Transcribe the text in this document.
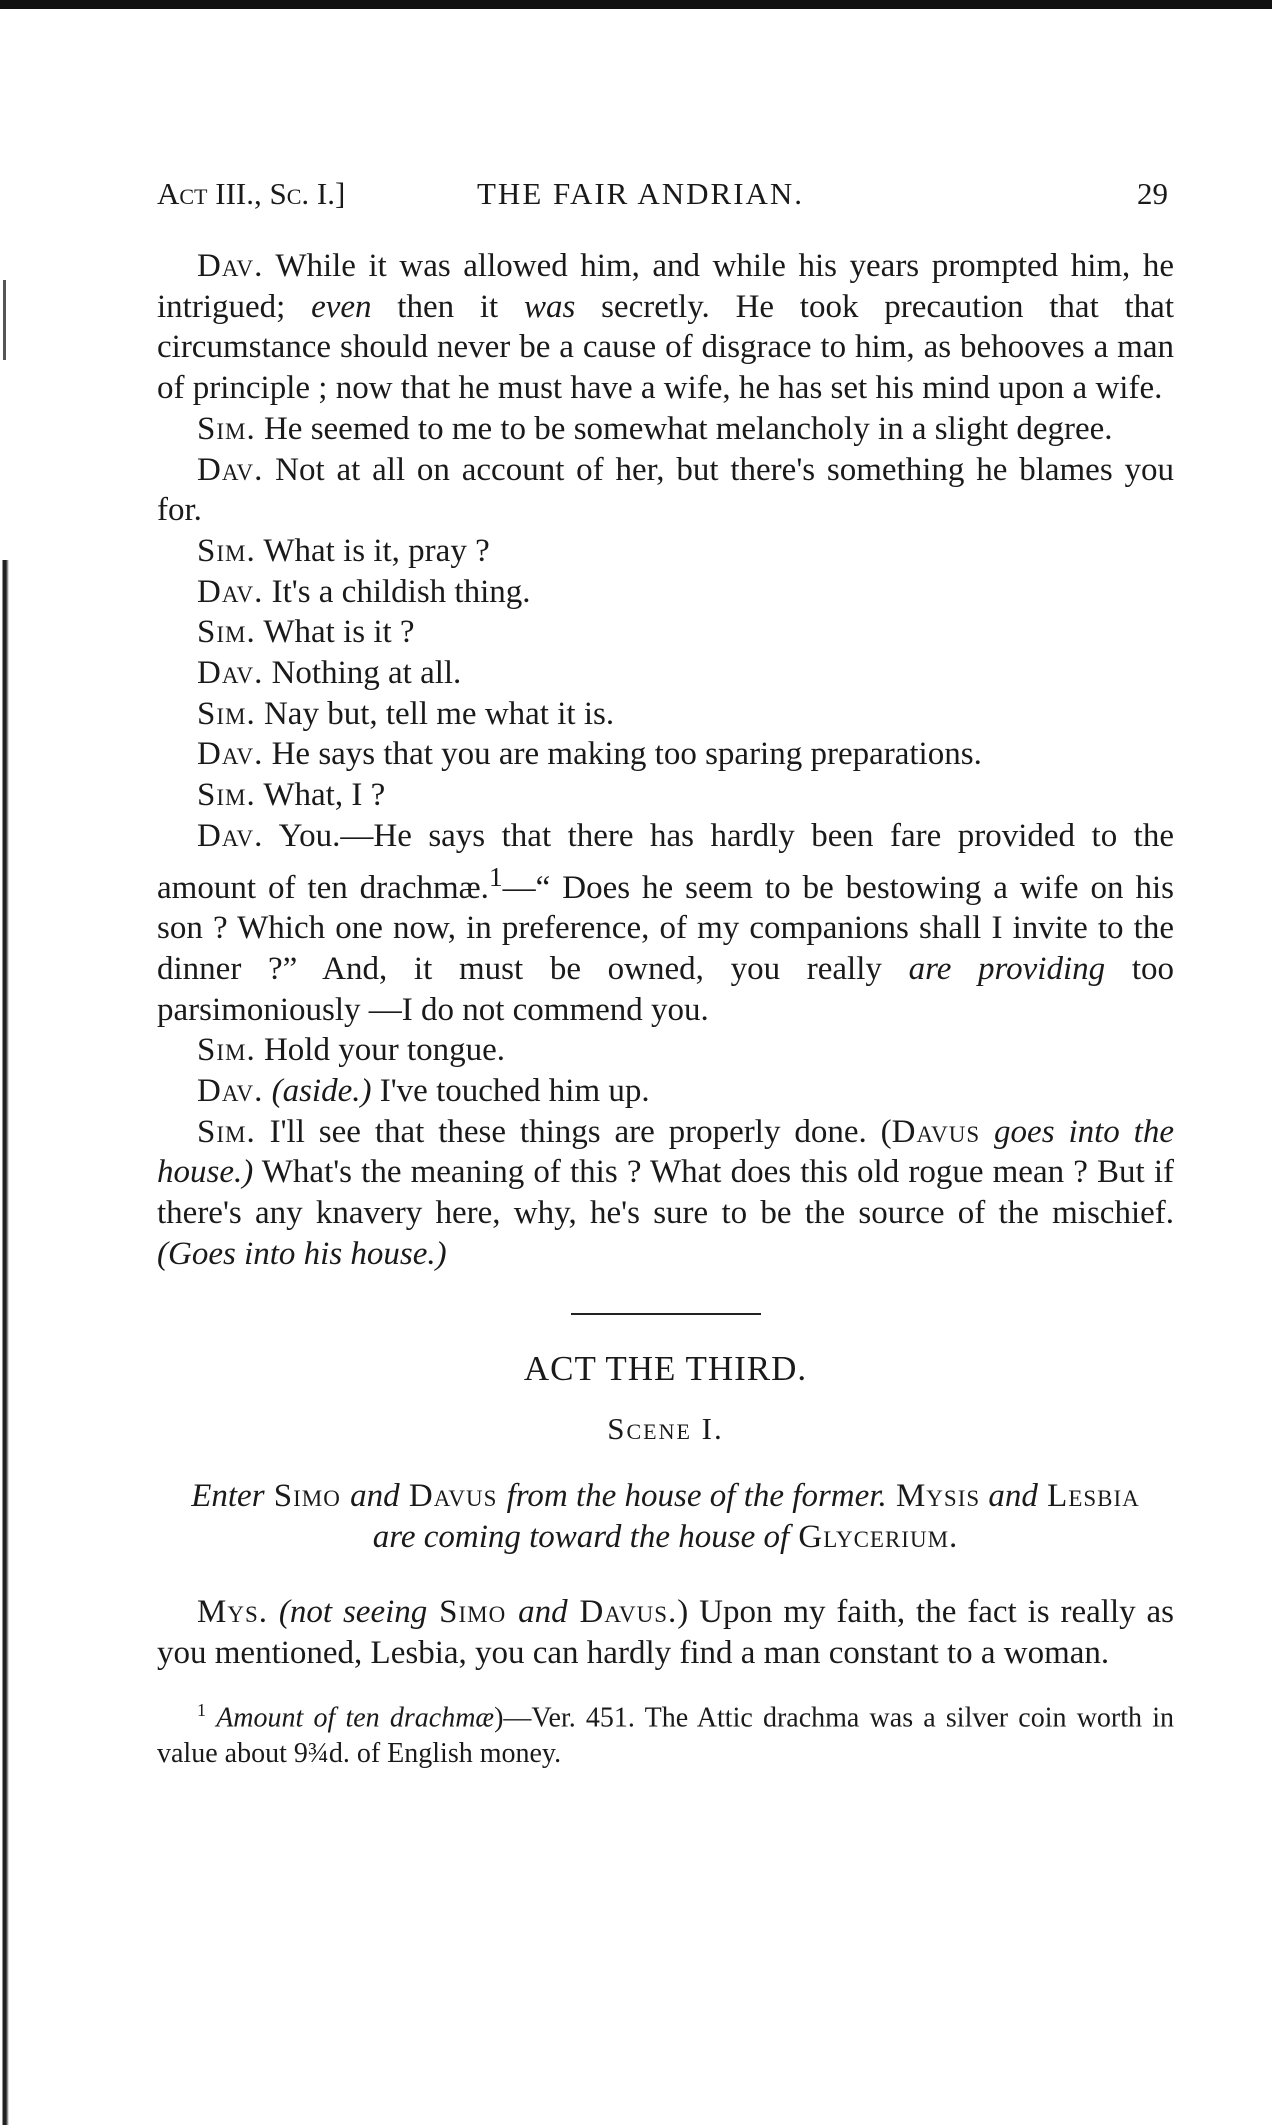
Act III., Sc. I.]	THE FAIR ANDRIAN.	29

Dav . While it was allowed him, and while his years prompted him, he intrigued; even then it was secretly. He took precaution that that circumstance should never be a cause of disgrace to him, as behooves a man of principle ; now that he must have a wife, he has set his mind upon a wife.

Sim . He seemed to me to be somewhat melancholy in a slight degree.

Dav . Not at all on account of her, but there's something he blames you for.

Sim . What is it, pray ?

Dav . It's a childish thing.

Sim . What is it ?

Dav . Nothing at all.

Sim . Nay but, tell me what it is.

Dav . He says that you are making too sparing preparations.

Sim . What, I ?

Dav . You.—He says that there has hardly been fare provided to the amount of ten drachmæ.$^1$—“ Does he seem to be bestowing a wife on his son ? Which one now, in preference, of my companions shall I invite to the dinner ?” And, it must be owned, you really are providing too parsimoniously —I do not commend you.

Sim . Hold your tongue.

Dav . (aside.) I've touched him up.

Sim . I'll see that these things are properly done. (Davus goes into the house.) What's the meaning of this ? What does this old rogue mean ? But if there's any knavery here, why, he's sure to be the source of the mischief. (Goes into his house.)

ACT THE THIRD.
Scene I.
Enter Simo and Davus from the house of the former. Mysis and Lesbia are coming toward the house of Glycerium.

Mys . (not seeing Simo and Davus.) Upon my faith, the fact is really as you mentioned, Lesbia, you can hardly find a man constant to a woman.

$^1$ Amount of ten drachmæ)—Ver. 451. The Attic drachma was a silver coin worth in value about 9¾d. of English money.
